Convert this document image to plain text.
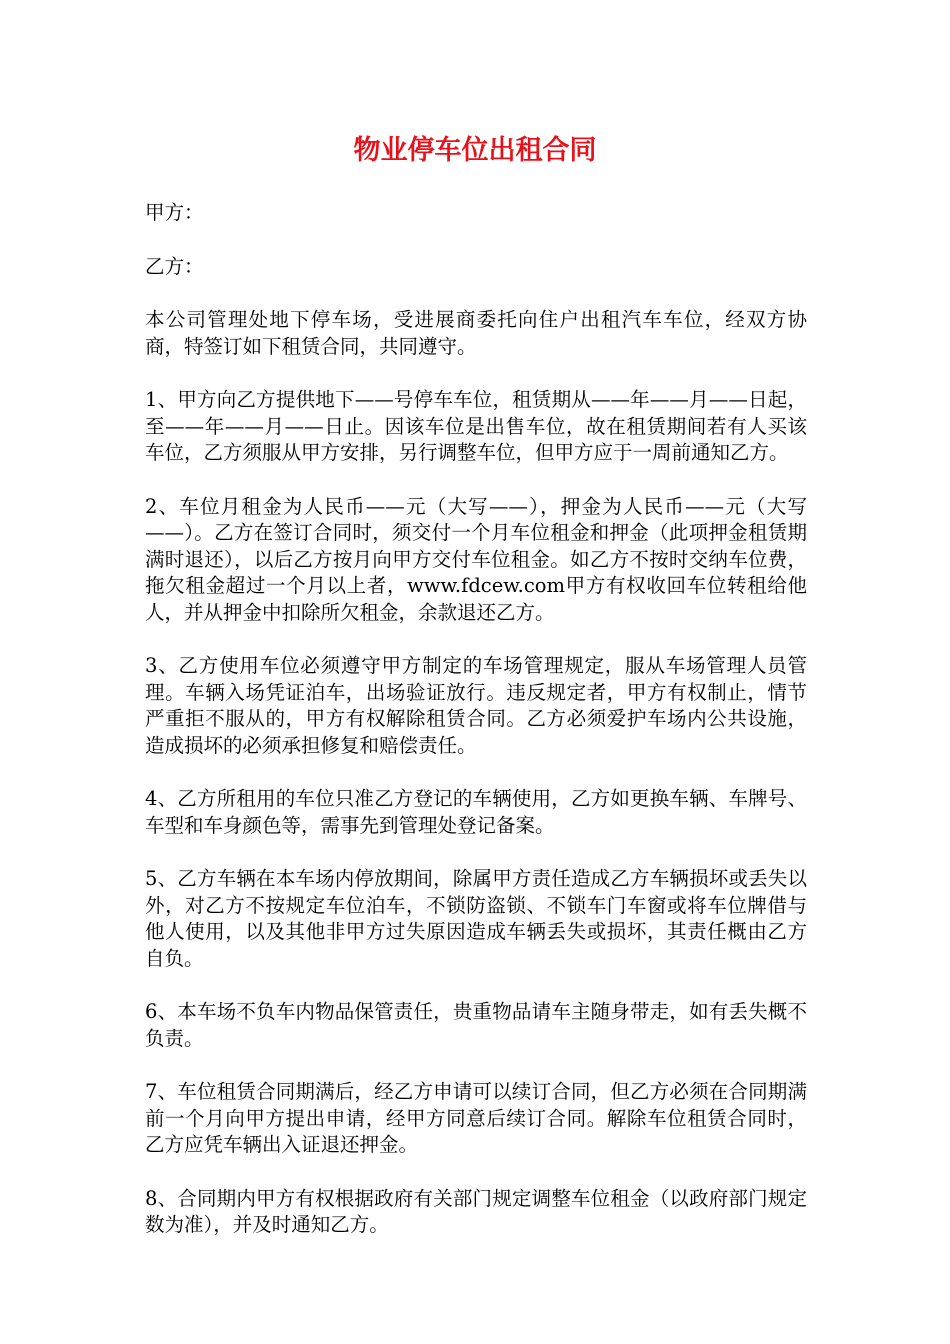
物业停车位出租合同

甲方：

乙方：

本公司管理处地下停车场，受进展商委托向住户出租汽车车位，经双方协商，特签订如下租赁合同，共同遵守。

1、甲方向乙方提供地下——号停车车位，租赁期从——年——月——日起，至——年——月——日止。因该车位是出售车位，故在租赁期间若有人买该车位，乙方须服从甲方安排，另行调整车位，但甲方应于一周前通知乙方。

2、车位月租金为人民币——元（大写——），押金为人民币——元（大写——）。乙方在签订合同时，须交付一个月车位租金和押金（此项押金租赁期满时退还），以后乙方按月向甲方交付车位租金。如乙方不按时交纳车位费，拖欠租金超过一个月以上者，www.fdcew.com甲方有权收回车位转租给他人，并从押金中扣除所欠租金，余款退还乙方。

3、乙方使用车位必须遵守甲方制定的车场管理规定，服从车场管理人员管理。车辆入场凭证泊车，出场验证放行。违反规定者，甲方有权制止，情节严重拒不服从的，甲方有权解除租赁合同。乙方必须爱护车场内公共设施，造成损坏的必须承担修复和赔偿责任。

4、乙方所租用的车位只准乙方登记的车辆使用，乙方如更换车辆、车牌号、车型和车身颜色等，需事先到管理处登记备案。

5、乙方车辆在本车场内停放期间，除属甲方责任造成乙方车辆损坏或丢失以外，对乙方不按规定车位泊车，不锁防盗锁、不锁车门车窗或将车位牌借与他人使用，以及其他非甲方过失原因造成车辆丢失或损坏，其责任概由乙方自负。

6、本车场不负车内物品保管责任，贵重物品请车主随身带走，如有丢失概不负责。

7、车位租赁合同期满后，经乙方申请可以续订合同，但乙方必须在合同期满前一个月向甲方提出申请，经甲方同意后续订合同。解除车位租赁合同时，乙方应凭车辆出入证退还押金。

8、合同期内甲方有权根据政府有关部门规定调整车位租金（以政府部门规定数为准），并及时通知乙方。
